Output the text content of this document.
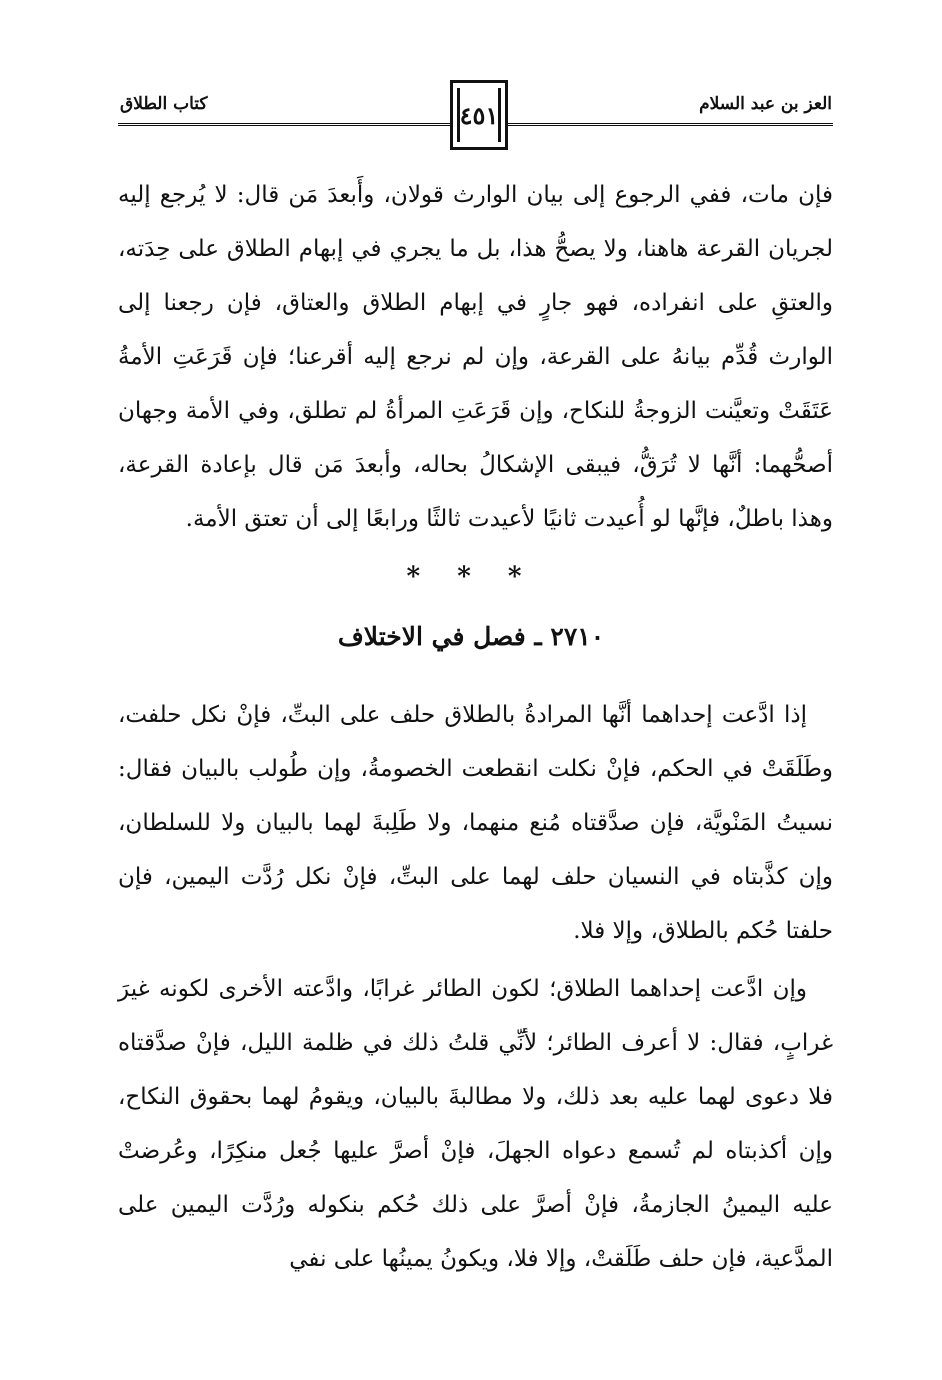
كتاب الطلاق	العز بن عبد السلام
٤٥١

فإن مات، ففي الرجوع إلى بيان الوارث قولان، وأَبعدَ مَن قال: لا يُرجع إليه لجريان القرعة هاهنا، ولا يصحُّ هذا، بل ما يجري في إبهام الطلاق على حِدَته، والعتقِ على انفراده، فهو جارٍ في إبهام الطلاق والعتاق، فإن رجعنا إلى الوارث قُدِّم بيانهُ على القرعة، وإن لم نرجع إليه أقرعنا؛ فإن قَرَعَتِ الأمةُ عَتَقَتْ وتعيَّنت الزوجةُ للنكاح، وإن قَرَعَتِ المرأةُ لم تطلق، وفي الأمة وجهان أصحُّهما: أنَّها لا تُرَقُّ، فيبقى الإشكالُ بحاله، وأبعدَ مَن قال بإعادة القرعة، وهذا باطلٌ، فإنَّها لو أُعيدت ثانيًا لأعيدت ثالثًا ورابعًا إلى أن تعتق الأمة.

* * *
٢٧١٠ ـ فصل في الاختلاف

إذا ادَّعت إحداهما أنَّها المرادةُ بالطلاق حلف على البتِّ، فإنْ نكل حلفت، وطَلَقَتْ في الحكم، فإنْ نكلت انقطعت الخصومةُ، وإن طُولب بالبيان فقال: نسيتُ المَنْويَّة، فإن صدَّقتاه مُنع منهما، ولا طَلِبةَ لهما بالبيان ولا للسلطان، وإن كذَّبتاه في النسيان حلف لهما على البتِّ، فإنْ نكل رُدَّت اليمين، فإن حلفتا حُكم بالطلاق، وإلا فلا.

وإن ادَّعت إحداهما الطلاق؛ لكون الطائر غرابًا، وادَّعته الأخرى لكونه غيرَ غرابٍ، فقال: لا أعرف الطائر؛ لأنِّي قلتُ ذلك في ظلمة الليل، فإنْ صدَّقتاه فلا دعوى لهما عليه بعد ذلك، ولا مطالبةَ بالبيان، ويقومُ لهما بحقوق النكاح، وإن أكذبتاه لم تُسمع دعواه الجهلَ، فإنْ أصرَّ عليها جُعل منكِرًا، وعُرضتْ عليه اليمينُ الجازمةُ، فإنْ أصرَّ على ذلك حُكم بنكوله ورُدَّت اليمين على المدَّعية، فإن حلف طَلَقتْ، وإلا فلا، ويكونُ يمينُها على نفي
